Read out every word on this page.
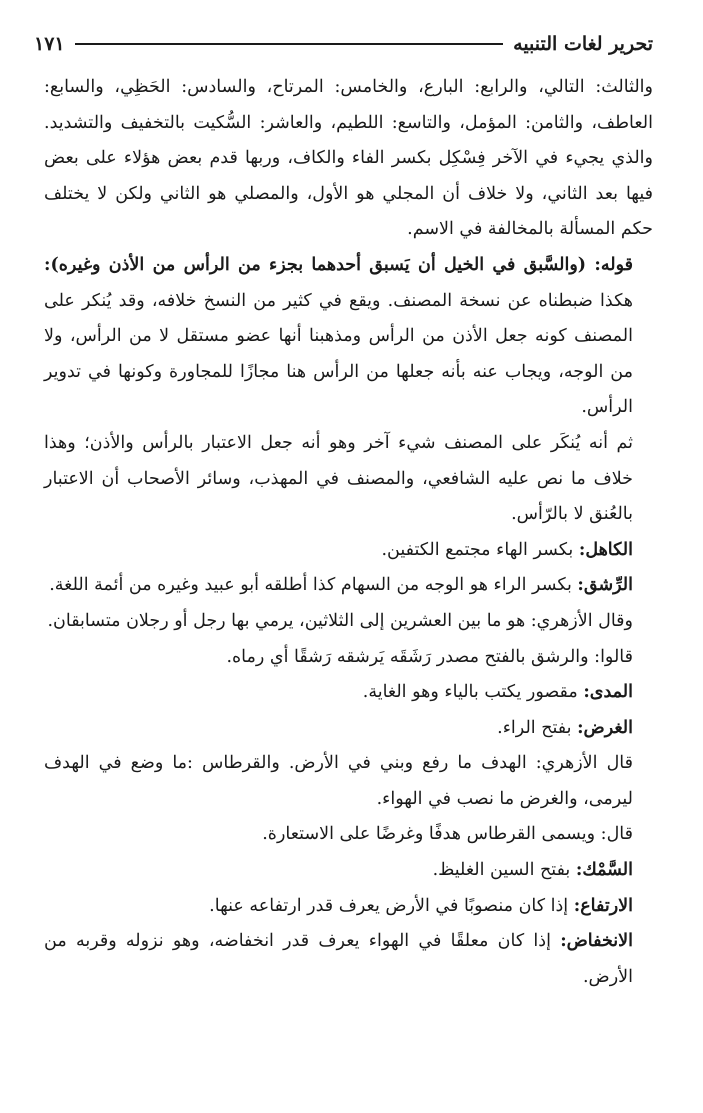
تحرير لغات التنبيه
١٧١

والثالث: التالي، والرابع: البارع، والخامس: المرتاح، والسادس: الحَظِي، والسابع: العاطف، والثامن: المؤمل، والتاسع: اللطيم، والعاشر: السُّكيت بالتخفيف والتشديد. والذي يجيء في الآخر فِسْكِل بكسر الفاء والكاف، وربها قدم بعض هؤلاء على بعض فيها بعد الثاني، ولا خلاف أن المجلي هو الأول، والمصلي هو الثاني ولكن لا يختلف حكم المسألة بالمخالفة في الاسم.

قوله: (والسَّبق في الخيل أن يَسبق أحدهما بجزء من الرأس من الأذن وغيره): هكذا ضبطناه عن نسخة المصنف. ويقع في كثير من النسخ خلافه، وقد يُنكر على المصنف كونه جعل الأذن من الرأس ومذهبنا أنها عضو مستقل لا من الرأس، ولا من الوجه، ويجاب عنه بأنه جعلها من الرأس هنا مجازًا للمجاورة وكونها في تدوير الرأس.

ثم أنه يُنكَر على المصنف شيء آخر وهو أنه جعل الاعتبار بالرأس والأذن؛ وهذا خلاف ما نص عليه الشافعي، والمصنف في المهذب، وسائر الأصحاب أن الاعتبار بالعُنق لا بالرّأس.

الكاهل: بكسر الهاء مجتمع الكتفين.

الرِّشق: بكسر الراء هو الوجه من السهام كذا أطلقه أبو عبيد وغيره من أئمة اللغة.

وقال الأزهري: هو ما بين العشرين إلى الثلاثين، يرمي بها رجل أو رجلان متسابقان.

قالوا: والرشق بالفتح مصدر رَشَقَه يَرشقه رَشقًا أي رماه.

المدى: مقصور يكتب بالياء وهو الغاية.

الغرض: بفتح الراء.

قال الأزهري: الهدف ما رفع وبني في الأرض. والقرطاس :ما وضع في الهدف ليرمى، والغرض ما نصب في الهواء.

قال: ويسمى القرطاس هدفًا وغرضًا على الاستعارة.

السَّمْك: بفتح السين الغليظ.

الارتفاع: إذا كان منصوبًا في الأرض يعرف قدر ارتفاعه عنها.

الانخفاض: إذا كان معلقًا في الهواء يعرف قدر انخفاضه، وهو نزوله وقربه من الأرض.
